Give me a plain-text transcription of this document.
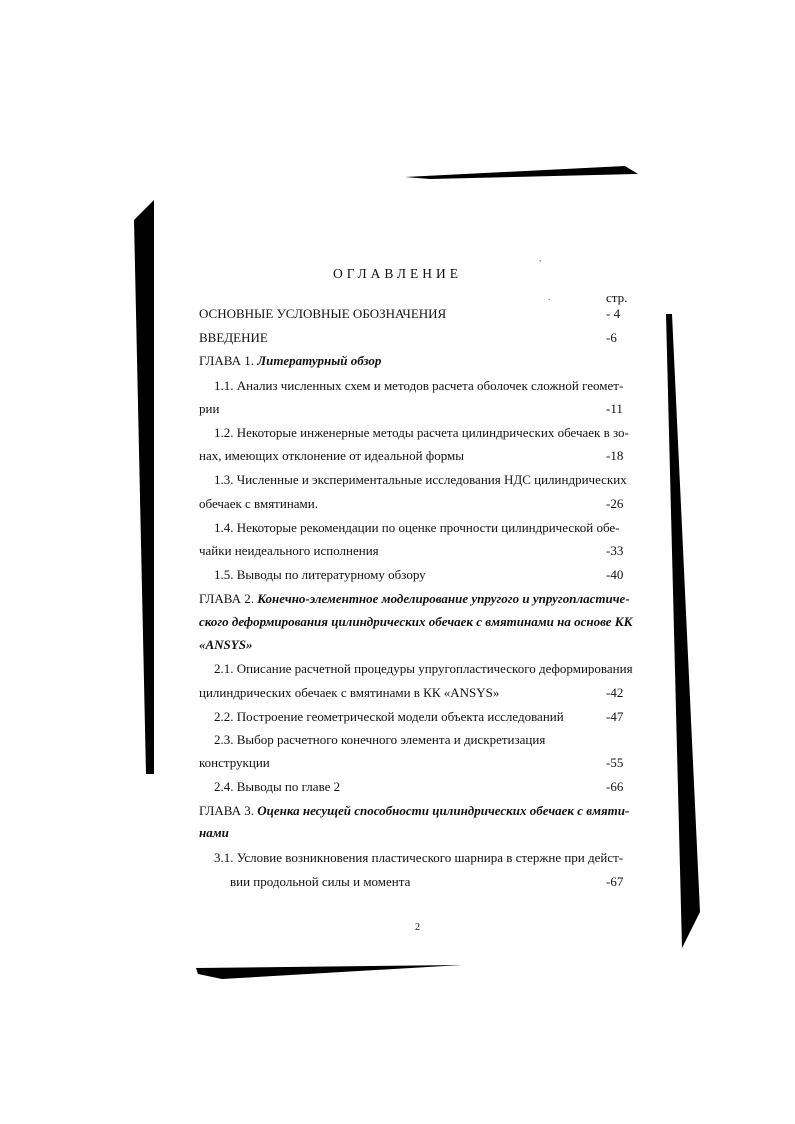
,
.
ОГЛАВЛЕНИЕ
стр.
ОСНОВНЫЕ УСЛОВНЫЕ ОБОЗНАЧЕНИЯ	- 4
ВВЕДЕНИЕ	-6
ГЛАВА 1. Литературный обзор
1.1. Анализ численных схем и методов расчета оболочек сложной геомет-
рии	-11
1.2. Некоторые инженерные методы расчета цилиндрических обечаек в зо-
нах, имеющих отклонение от идеальной формы	-18
1.3. Численные и экспериментальные исследования НДС цилиндрических
обечаек с вмятинами.	-26
1.4. Некоторые рекомендации по оценке прочности цилиндрической обе-
чайки неидеального исполнения	-33
1.5. Выводы по литературному обзору	-40
ГЛАВА 2. Конечно-элементное моделирование упругого и упругопластиче-
ского деформирования цилиндрических обечаек с вмятинами на основе КК
«ANSYS»
2.1. Описание расчетной процедуры упругопластического деформирования
цилиндрических обечаек с вмятинами в КК «ANSYS»	-42
2.2. Построение геометрической модели объекта исследований	-47
2.3. Выбор расчетного конечного элемента и дискретизация
конструкции	-55
2.4. Выводы по главе 2	-66
ГЛАВА 3. Оценка несущей способности цилиндрических обечаек с вмяти-
нами
3.1. Условие возникновения пластического шарнира в стержне при дейст-
вии продольной силы и момента	-67
2
